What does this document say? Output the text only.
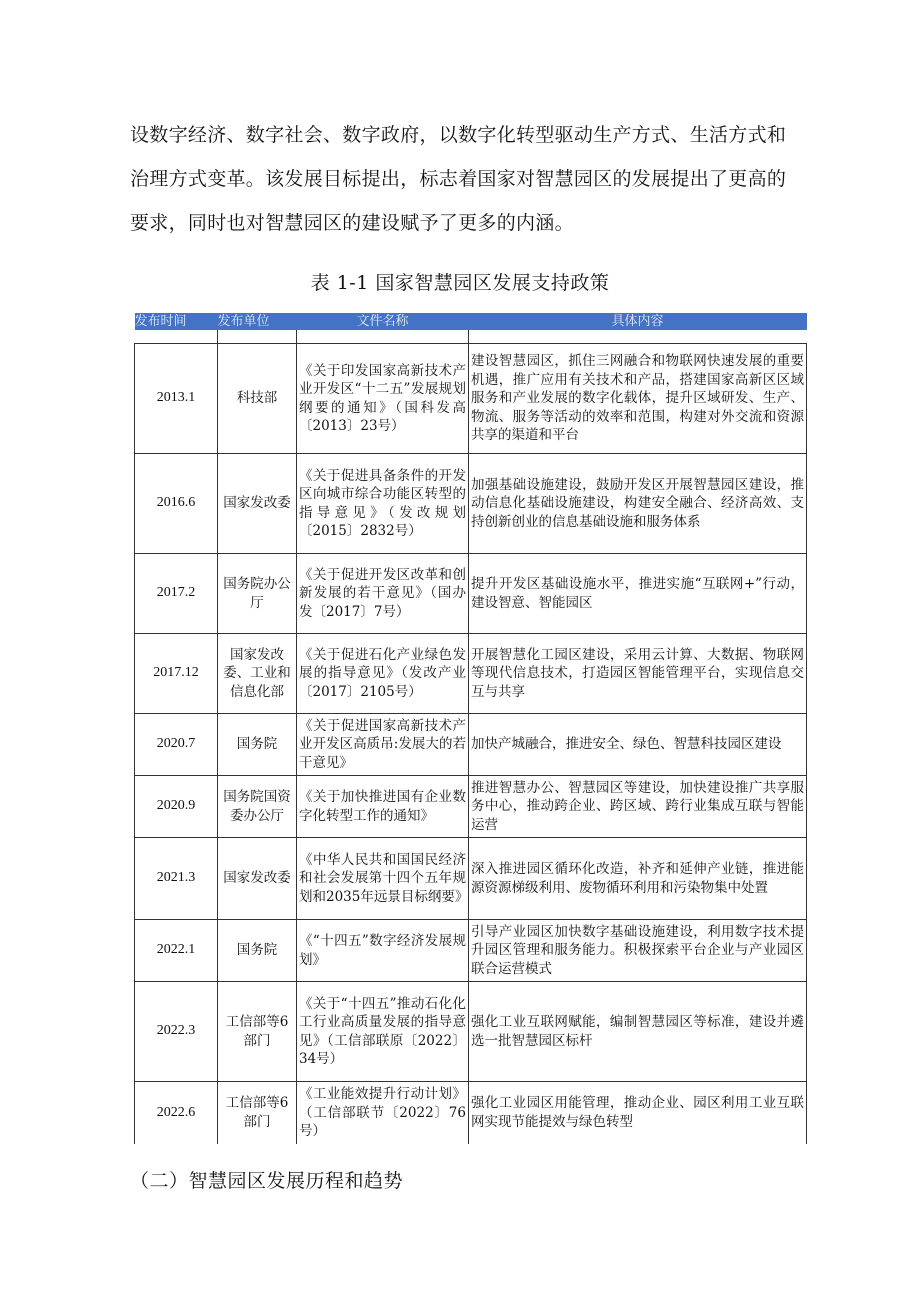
设数字经济、数字社会、数字政府，以数字化转型驱动生产方式、生活方式和
治理方式变革。该发展目标提出，标志着国家对智慧园区的发展提出了更高的
要求，同时也对智慧园区的建设赋予了更多的内涵。
表 1-1 国家智慧园区发展支持政策
发布时间	发布单位	文件名称	具体内容

2013.1	科技部	《关于印发国家高新技术产业开发区“十二五”发展规划纲要的通知》（国科发高〔2013〕23号）	建设智慧园区，抓住三网融合和物联网快速发展的重要机遇，推广应用有关技术和产品，搭建国家高新区区域服务和产业发展的数字化载体，提升区域研发、生产、物流、服务等活动的效率和范围，构建对外交流和资源共享的渠道和平台
2016.6	国家发改委	《关于促进具备条件的开发区向城市综合功能区转型的指导意见》（发改规划〔2015〕2832号）	加强基础设施建设，鼓励开发区开展智慧园区建设，推动信息化基础设施建设，构建安全融合、经济高效、支持创新创业的信息基础设施和服务体系
2017.2	国务院办公厅	《关于促进开发区改革和创新发展的若干意见》（国办发〔2017〕7号）	提升开发区基础设施水平，推进实施“互联网+”行动，建设智意、智能园区
2017.12	国家发改委、工业和信息化部	《关于促进石化产业绿色发展的指导意见》（发改产业〔2017〕2105号）	开展智慧化工园区建设，采用云计算、大数据、物联网等现代信息技术，打造园区智能管理平台，实现信息交互与共享
2020.7	国务院	《关于促进国家高新技术产业开发区高质吊:发展大的若干意见》	加快产城融合，推进安全、绿色、智慧科技园区建设
2020.9	国务院国资委办公厅	《关于加快推进国有企业数字化转型工作的通知》	推进智慧办公、智慧园区等建设，加快建设推广共享服务中心，推动跨企业、跨区域、跨行业集成互联与智能运营
2021.3	国家发改委	《中华人民共和国国民经济和社会发展第十四个五年规划和2035年远景目标纲要》	深入推进园区循环化改造，补齐和延伸产业链，推进能源资源梯级利用、废物循环利用和污染物集中处置
2022.1	国务院	《“十四五”数字经济发展规划》	引导产业园区加快数字基础设施建设，利用数字技术提升园区管理和服务能力。积极探索平台企业与产业园区联合运营模式
2022.3	工信部等6部门	《关于“十四五”推动石化化工行业高质量发展的指导意见》（工信部联原〔2022〕34号）	强化工业互联网赋能，编制智慧园区等标准，建设并遴选一批智慧园区标杆
2022.6	工信部等6部门	《工业能效提升行动计划》（工信部联节〔2022〕76号）	强化工业园区用能管理，推动企业、园区利用工业互联网实现节能提效与绿色转型
（二）智慧园区发展历程和趋势
